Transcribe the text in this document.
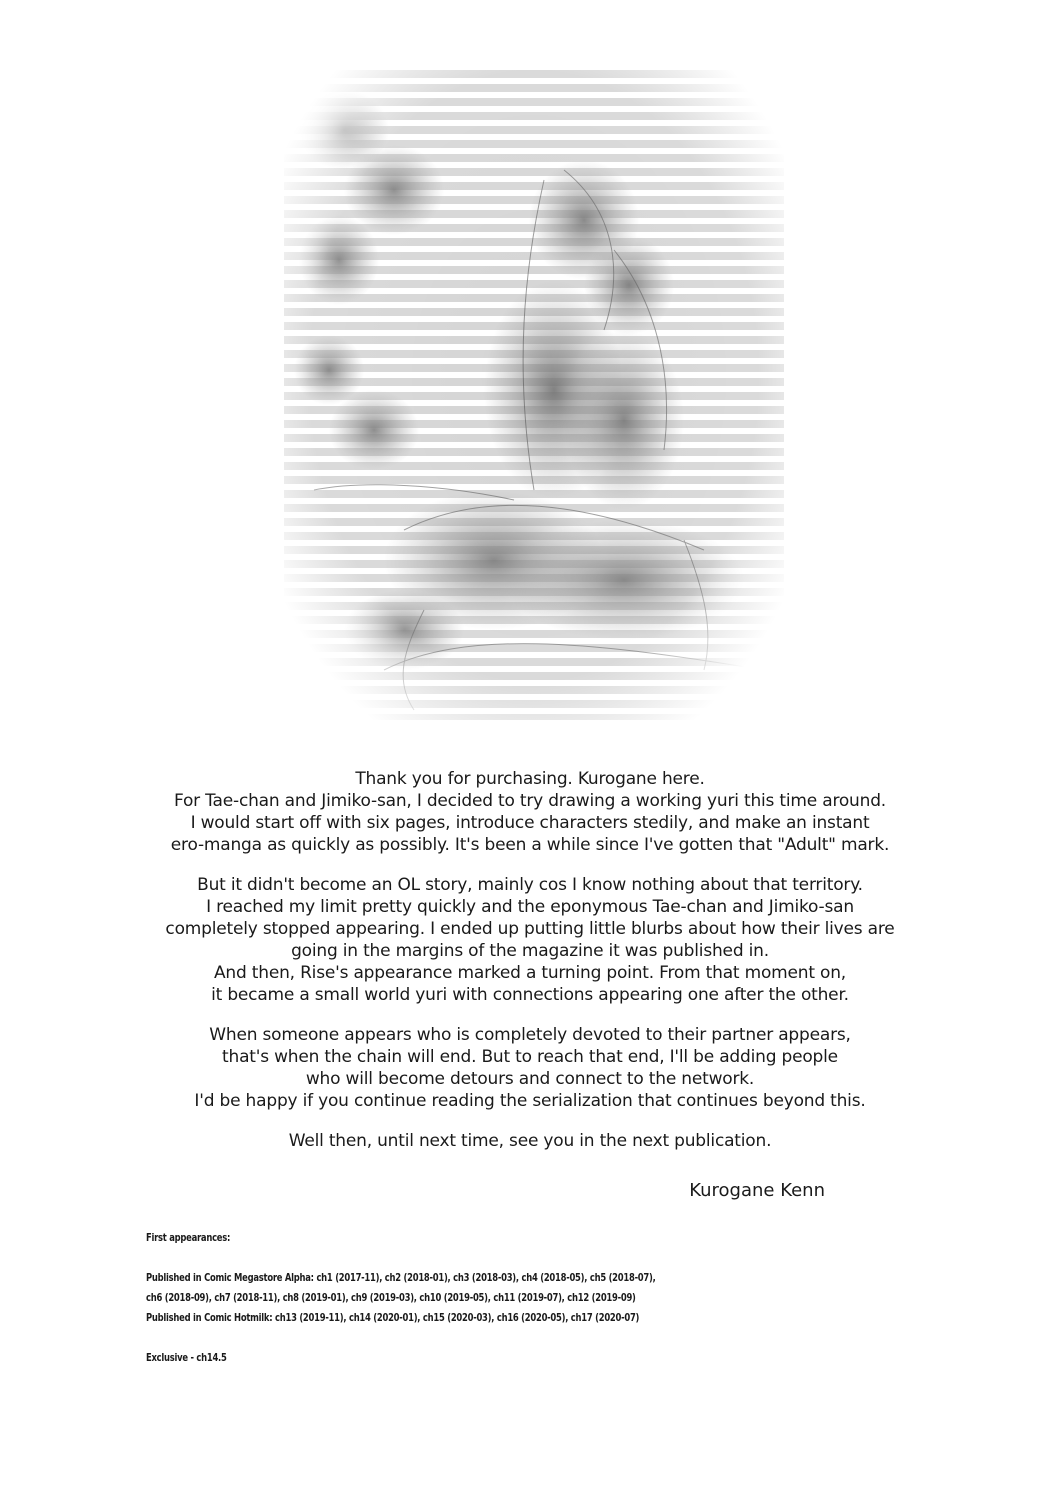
Thank you for purchasing. Kurogane here.
For Tae-chan and Jimiko-san, I decided to try drawing a working yuri this time around.
I would start off with six pages, introduce characters stedily, and make an instant
ero-manga as quickly as possibly. It's been a while since I've gotten that "Adult" mark.
But it didn't become an OL story, mainly cos I know nothing about that territory.
I reached my limit pretty quickly and the eponymous Tae-chan and Jimiko-san
completely stopped appearing. I ended up putting little blurbs about how their lives are
going in the margins of the magazine it was published in.
And then, Rise's appearance marked a turning point. From that moment on,
it became a small world yuri with connections appearing one after the other.
When someone appears who is completely devoted to their partner appears,
that's when the chain will end. But to reach that end, I'll be adding people
who will become detours and connect to the network.
I'd be happy if you continue reading the serialization that continues beyond this.
Well then, until next time, see you in the next publication.
Kurogane Kenn
First appearances:
Published in Comic Megastore Alpha: ch1 (2017-11), ch2 (2018-01), ch3 (2018-03), ch4 (2018-05), ch5 (2018-07),
ch6 (2018-09), ch7 (2018-11), ch8 (2019-01), ch9 (2019-03), ch10 (2019-05), ch11 (2019-07), ch12 (2019-09)
Published in Comic Hotmilk: ch13 (2019-11), ch14 (2020-01), ch15 (2020-03), ch16 (2020-05), ch17 (2020-07)
Exclusive - ch14.5
